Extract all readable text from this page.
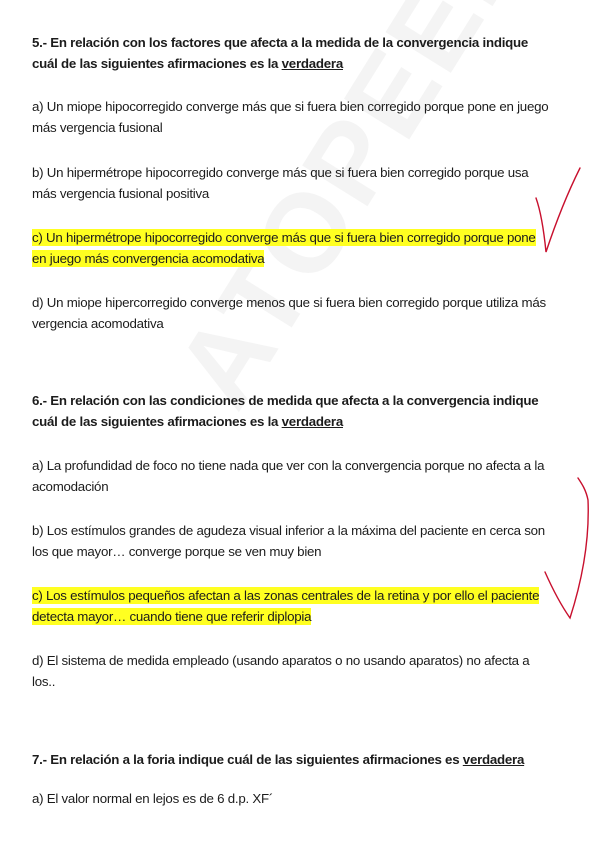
5.- En relación con los factores que afecta a la medida de la convergencia indique cuál de las siguientes afirmaciones es la verdadera
a) Un miope hipocorregido converge más que si fuera bien corregido porque pone en juego más vergencia fusional
b) Un hipermétrope hipocorregido converge más que si fuera bien corregido porque usa más vergencia fusional positiva
c) Un hipermétrope hipocorregido converge más que si fuera bien corregido porque pone en juego más convergencia acomodativa
d) Un miope hipercorregido converge menos que si fuera bien corregido porque utiliza más vergencia acomodativa
6.- En relación con las condiciones de medida que afecta a la convergencia indique cuál de las siguientes afirmaciones es la verdadera
a) La profundidad de foco no tiene nada que ver con la convergencia porque no afecta a la acomodación
b) Los estímulos grandes de agudeza visual inferior a la máxima del paciente en cerca son los que mayor… converge porque se ven muy bien
c) Los estímulos pequeños afectan a las zonas centrales de la retina y por ello el paciente detecta mayor… cuando tiene que referir diplopia
d) El sistema de medida empleado (usando aparatos o no usando aparatos) no afecta a los..
7.- En relación a la foria indique cuál de las siguientes afirmaciones es verdadera
a) El valor normal en lejos es de 6 d.p. XF´
